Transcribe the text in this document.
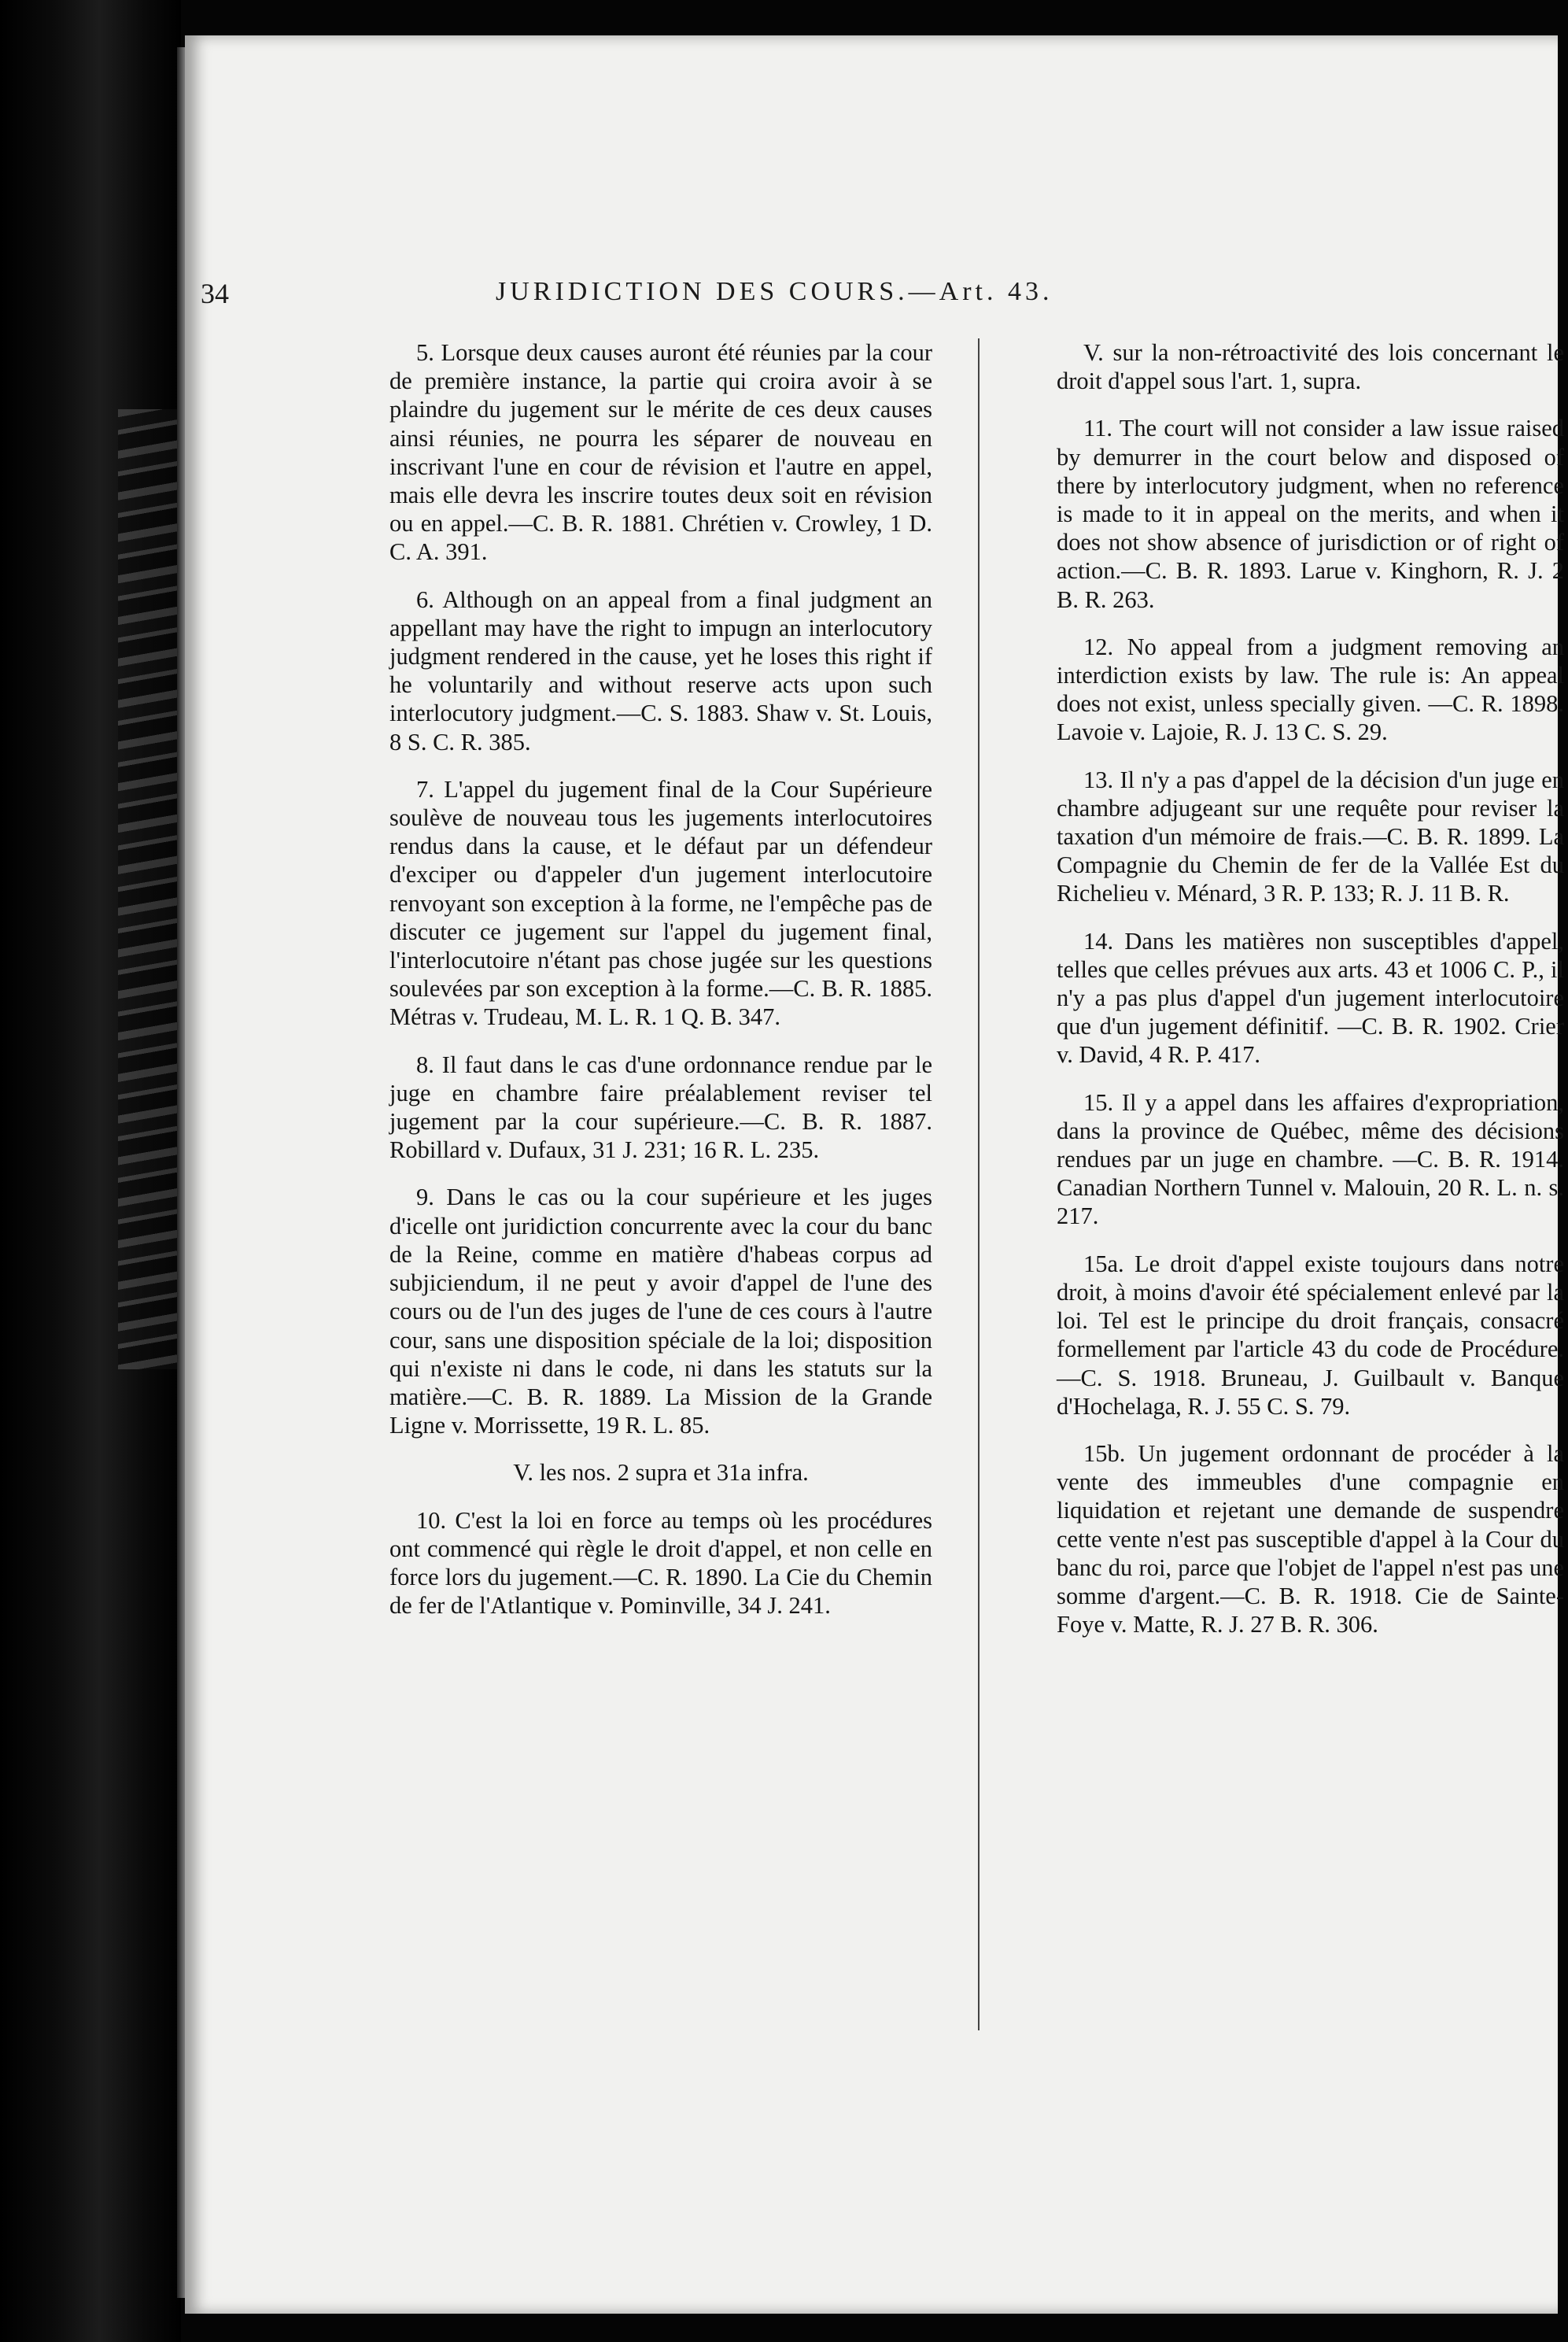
34	JURIDICTION DES COURS.—Art. 43.

5. Lorsque deux causes auront été réunies par la cour de première instance, la partie qui croira avoir à se plaindre du jugement sur le mérite de ces deux causes ainsi réunies, ne pourra les séparer de nouveau en inscrivant l'une en cour de révision et l'autre en appel, mais elle devra les inscrire toutes deux soit en révision ou en appel.—C. B. R. 1881. Chrétien v. Crowley, 1 D. C. A. 391.

6. Although on an appeal from a final judgment an appellant may have the right to impugn an interlocutory judgment rendered in the cause, yet he loses this right if he voluntarily and without reserve acts upon such interlocutory judgment.—C. S. 1883. Shaw v. St. Louis, 8 S. C. R. 385.

7. L'appel du jugement final de la Cour Supérieure soulève de nouveau tous les jugements interlocutoires rendus dans la cause, et le défaut par un défendeur d'exciper ou d'appeler d'un jugement interlocutoire renvoyant son exception à la forme, ne l'empêche pas de discuter ce jugement sur l'appel du jugement final, l'interlocutoire n'étant pas chose jugée sur les questions soulevées par son exception à la forme.—C. B. R. 1885. Métras v. Trudeau, M. L. R. 1 Q. B. 347.

8. Il faut dans le cas d'une ordonnance rendue par le juge en chambre faire préalablement reviser tel jugement par la cour supérieure.—C. B. R. 1887. Robillard v. Dufaux, 31 J. 231; 16 R. L. 235.

9. Dans le cas ou la cour supérieure et les juges d'icelle ont juridiction concurrente avec la cour du banc de la Reine, comme en matière d'habeas corpus ad subjiciendum, il ne peut y avoir d'appel de l'une des cours ou de l'un des juges de l'une de ces cours à l'autre cour, sans une disposition spéciale de la loi; disposition qui n'existe ni dans le code, ni dans les statuts sur la matière.—C. B. R. 1889. La Mission de la Grande Ligne v. Morrissette, 19 R. L. 85.

V. les nos. 2 supra et 31a infra.

10. C'est la loi en force au temps où les procédures ont commencé qui règle le droit d'appel, et non celle en force lors du jugement.—C. R. 1890. La Cie du Chemin de fer de l'Atlantique v. Pominville, 34 J. 241.

V. sur la non-rétroactivité des lois concernant le droit d'appel sous l'art. 1, supra.

11. The court will not consider a law issue raised by demurrer in the court below and disposed of there by interlocutory judgment, when no reference is made to it in appeal on the merits, and when it does not show absence of jurisdiction or of right of action.—C. B. R. 1893. Larue v. Kinghorn, R. J. 2 B. R. 263.

12. No appeal from a judgment removing an interdiction exists by law. The rule is: An appeal does not exist, unless specially given. —C. R. 1898. Lavoie v. Lajoie, R. J. 13 C. S. 29.

13. Il n'y a pas d'appel de la décision d'un juge en chambre adjugeant sur une requête pour reviser la taxation d'un mémoire de frais.—C. B. R. 1899. La Compagnie du Chemin de fer de la Vallée Est du Richelieu v. Ménard, 3 R. P. 133; R. J. 11 B. R.

14. Dans les matières non susceptibles d'appel, telles que celles prévues aux arts. 43 et 1006 C. P., il n'y a pas plus d'appel d'un jugement interlocutoire que d'un jugement définitif. —C. B. R. 1902. Crier v. David, 4 R. P. 417.

15. Il y a appel dans les affaires d'expropriation, dans la province de Québec, même des décisions rendues par un juge en chambre. —C. B. R. 1914. Canadian Northern Tunnel v. Malouin, 20 R. L. n. s. 217.

15a. Le droit d'appel existe toujours dans notre droit, à moins d'avoir été spécialement enlevé par la loi. Tel est le principe du droit français, consacré formellement par l'article 43 du code de Procédure.—C. S. 1918. Bruneau, J. Guilbault v. Banque d'Hochelaga, R. J. 55 C. S. 79.

15b. Un jugement ordonnant de procéder à la vente des immeubles d'une compagnie en liquidation et rejetant une demande de suspendre cette vente n'est pas susceptible d'appel à la Cour du banc du roi, parce que l'objet de l'appel n'est pas une somme d'argent.—C. B. R. 1918. Cie de Sainte-Foye v. Matte, R. J. 27 B. R. 306.
